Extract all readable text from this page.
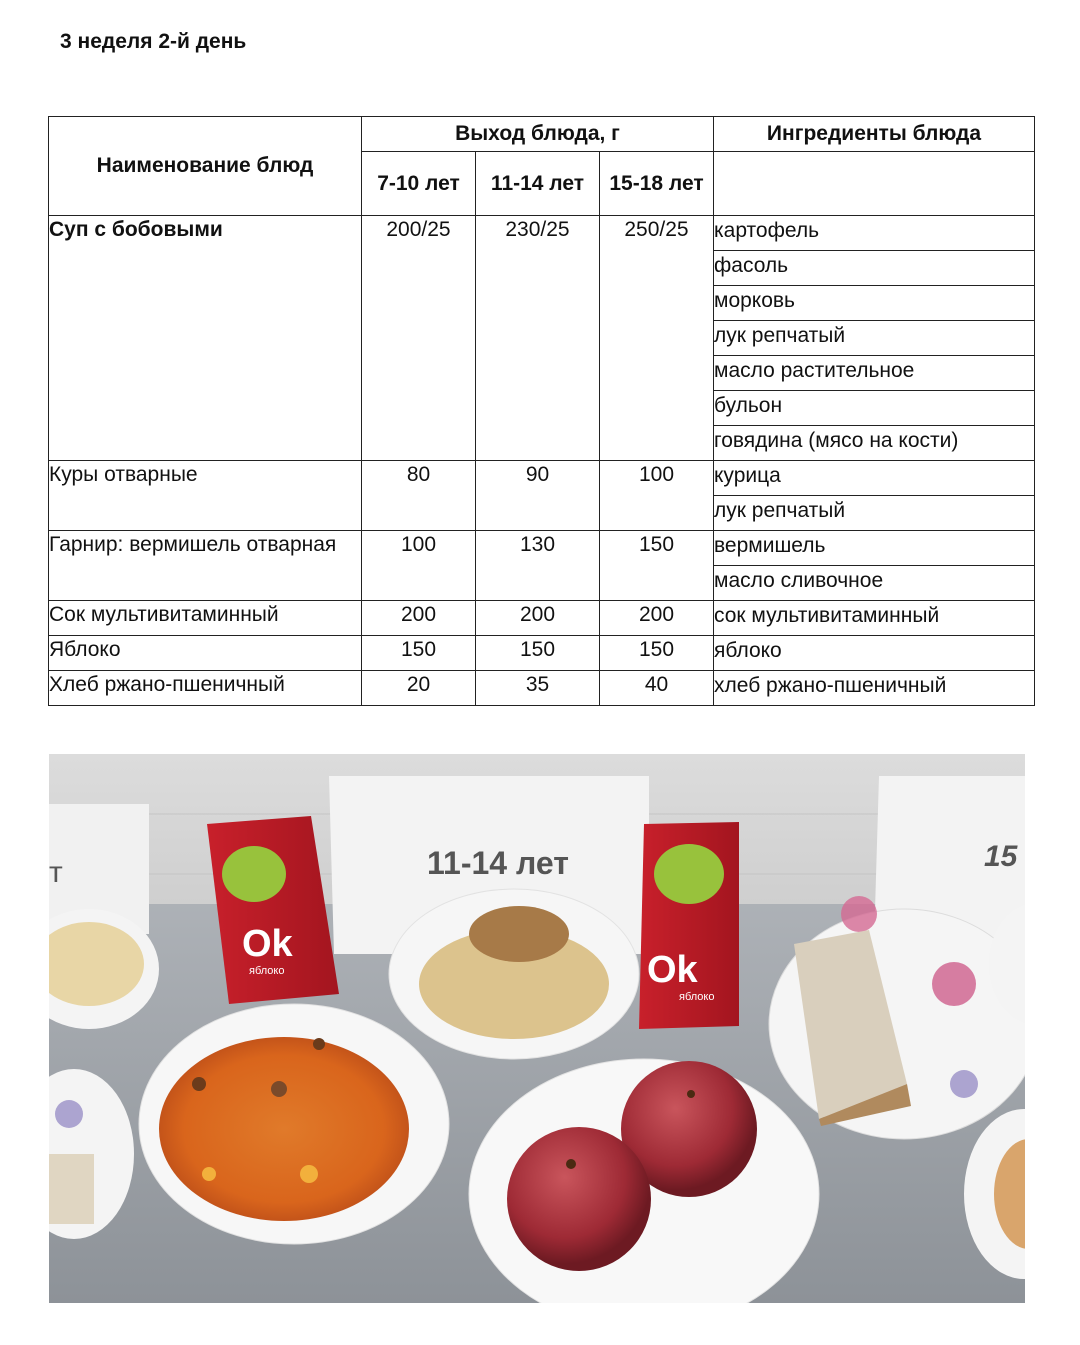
3 неделя 2-й день
Наименование блюд	Выход блюда, г			Ингредиенты блюда
	7-10 лет	11-14 лет	15-18 лет	
Суп с бобовыми	200/25	230/25	250/25	картофель
				фасоль
				морковь
				лук репчатый
				масло растительное
				бульон
				говядина (мясо на кости)
Куры отварные	80	90	100	курица
				лук репчатый
Гарнир: вермишель отварная	100	130	150	вермишель
				масло сливочное
Сок мультивитаминный	200	200	200	сок мультивитаминный
Яблоко	150	150	150	яблоко
Хлеб ржано-пшеничный	20	35	40	хлеб ржано-пшеничный
т	11-14 лет	15
Ok
яблоко	Ok
яблоко
